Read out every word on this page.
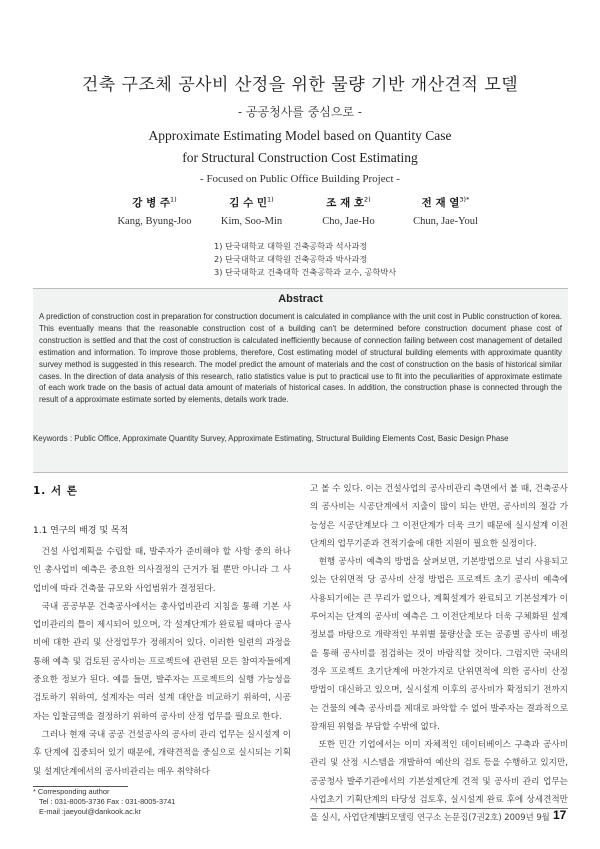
건축 구조체 공사비 산정을 위한 물량 기반 개산견적 모델
- 공공청사를 중심으로 -
Approximate Estimating Model based on Quantity Case
for Structural Construction Cost Estimating
- Focused on Public Office Building Project -
강 병 주$^{1)}$
Kang, Byung-Joo
김 수 민$^{1)}$
Kim, Soo-Min
조 재 호$^{2)}$
Cho, Jae-Ho
전 재 열$^{3)*}$
Chun, Jae-Youl
1) 단국대학교 대학원 건축공학과 석사과정
2) 단국대학교 대학원 건축공학과 박사과정
3) 단국대학교 건축대학 건축공학과 교수, 공학박사
Abstract
A prediction of construction cost in preparation for construction document is calculated in compliance with the unit cost in Public construction of korea. This eventually means that the reasonable construction cost of a building can't be determined before construction document phase cost of construction is settled and that the cost of construction is calculated inefficiently because of connection failing between cost management of detailed estimation and information. To improve those problems, therefore, Cost estimating model of structural building elements with approximate quantity survey method is suggested in this research. The model predict the amount of materials and the cost of construction on the basis of historical similar cases. In the direction of data analysis of this research, ratio statistics value is put to practical use to fit into the peculiarities of approximate estimate of each work trade on the basis of actual data amount of materials of historical cases. In addition, the construction phase is connected through the result of a approximate estimate sorted by elements, details work trade.
Keywords : Public Office, Approximate Quantity Survey, Approximate Estimating, Structural Building Elements Cost, Basic Design Phase
1. 서 론
1.1 연구의 배경 및 목적

건설 사업계획을 수립할 때, 발주자가 준비해야 할 사항 중의 하나인 총사업비 예측은 중요한 의사결정의 근거가 될 뿐만 아니라 그 사업비에 따라 건축물 규모와 사업범위가 결정된다.

국내 공공부문 건축공사에서는 총사업비관리 지침을 통해 기본 사업비관리의 틀이 제시되어 있으며, 각 설계단계가 완료될 때마다 공사비에 대한 관리 및 산정업무가 정해지어 있다. 이러한 일련의 과정을 통해 예측 및 검토된 공사비는 프로젝트에 관련된 모든 참여자들에게 중요한 정보가 된다. 예를 들면, 발주자는 프로젝트의 실행 가능성을 검토하기 위하여, 설계자는 여러 설계 대안을 비교하기 위하여, 시공자는 입찰금액을 결정하기 위하여 공사비 산정 업무를 필요로 한다.

그러나 현재 국내 공공 건설공사의 공사비 관리 업무는 실시설계 이후 단계에 집중되어 있기 때문에, 개략견적을 중심으로 실시되는 기획 및 설계단계에서의 공사비관리는 매우 취약하다

고 볼 수 있다. 이는 건설사업의 공사비관리 측면에서 볼 때, 건축공사의 공사비는 시공단계에서 지출이 많이 되는 반면, 공사비의 절감 가능성은 시공단계보다 그 이전단계가 더욱 크기 때문에 실시설계 이전단계의 업무기준과 견적기술에 대한 지원이 필요한 실정이다.

현행 공사비 예측의 방법을 살펴보면, 기본방법으로 널리 사용되고 있는 단위면적 당 공사비 산정 방법은 프로젝트 초기 공사비 예측에 사용되기에는 큰 무리가 없으나, 계획설계가 완료되고 기본설계가 이루어지는 단계의 공사비 예측은 그 이전단계보다 더욱 구체화된 설계정보를 바탕으로 개략적인 부위별 물량산출 또는 공종별 공사비 배정을 통해 공사비를 점검하는 것이 바람직할 것이다. 그럼지만 국내의 경우 프로젝트 초기단계에 마찬가지로 단위면적에 의한 공사비 산정방법이 대신하고 있으며, 실시설계 이후의 공사비가 확정되기 전까지는 건물의 예측 공사비를 제대로 파악할 수 없어 발주자는 결과적으로 잠재된 위험을 부담할 수밖에 없다.

또한 민간 기업에서는 이미 자체적인 데이터베이스 구축과 공사비 관리 및 산정 시스템을 개발하여 예산의 검토 등을 수행하고 있지만, 공공청사 발주기관에서의 기본설계단계 견적 및 공사비 관리 업무는 사업초기 기획단계의 타당성 검토후, 실시설계 완료 후에 상세견적만을 실시, 사업단계별

* Corresponding author
Tel : 031-8005-3736 Fax : 031-8005-3741
E-mail :jaeyoul@dankook.ac.kr
리모델링 연구소 논문집(7권2호) 2009년 9월 17
